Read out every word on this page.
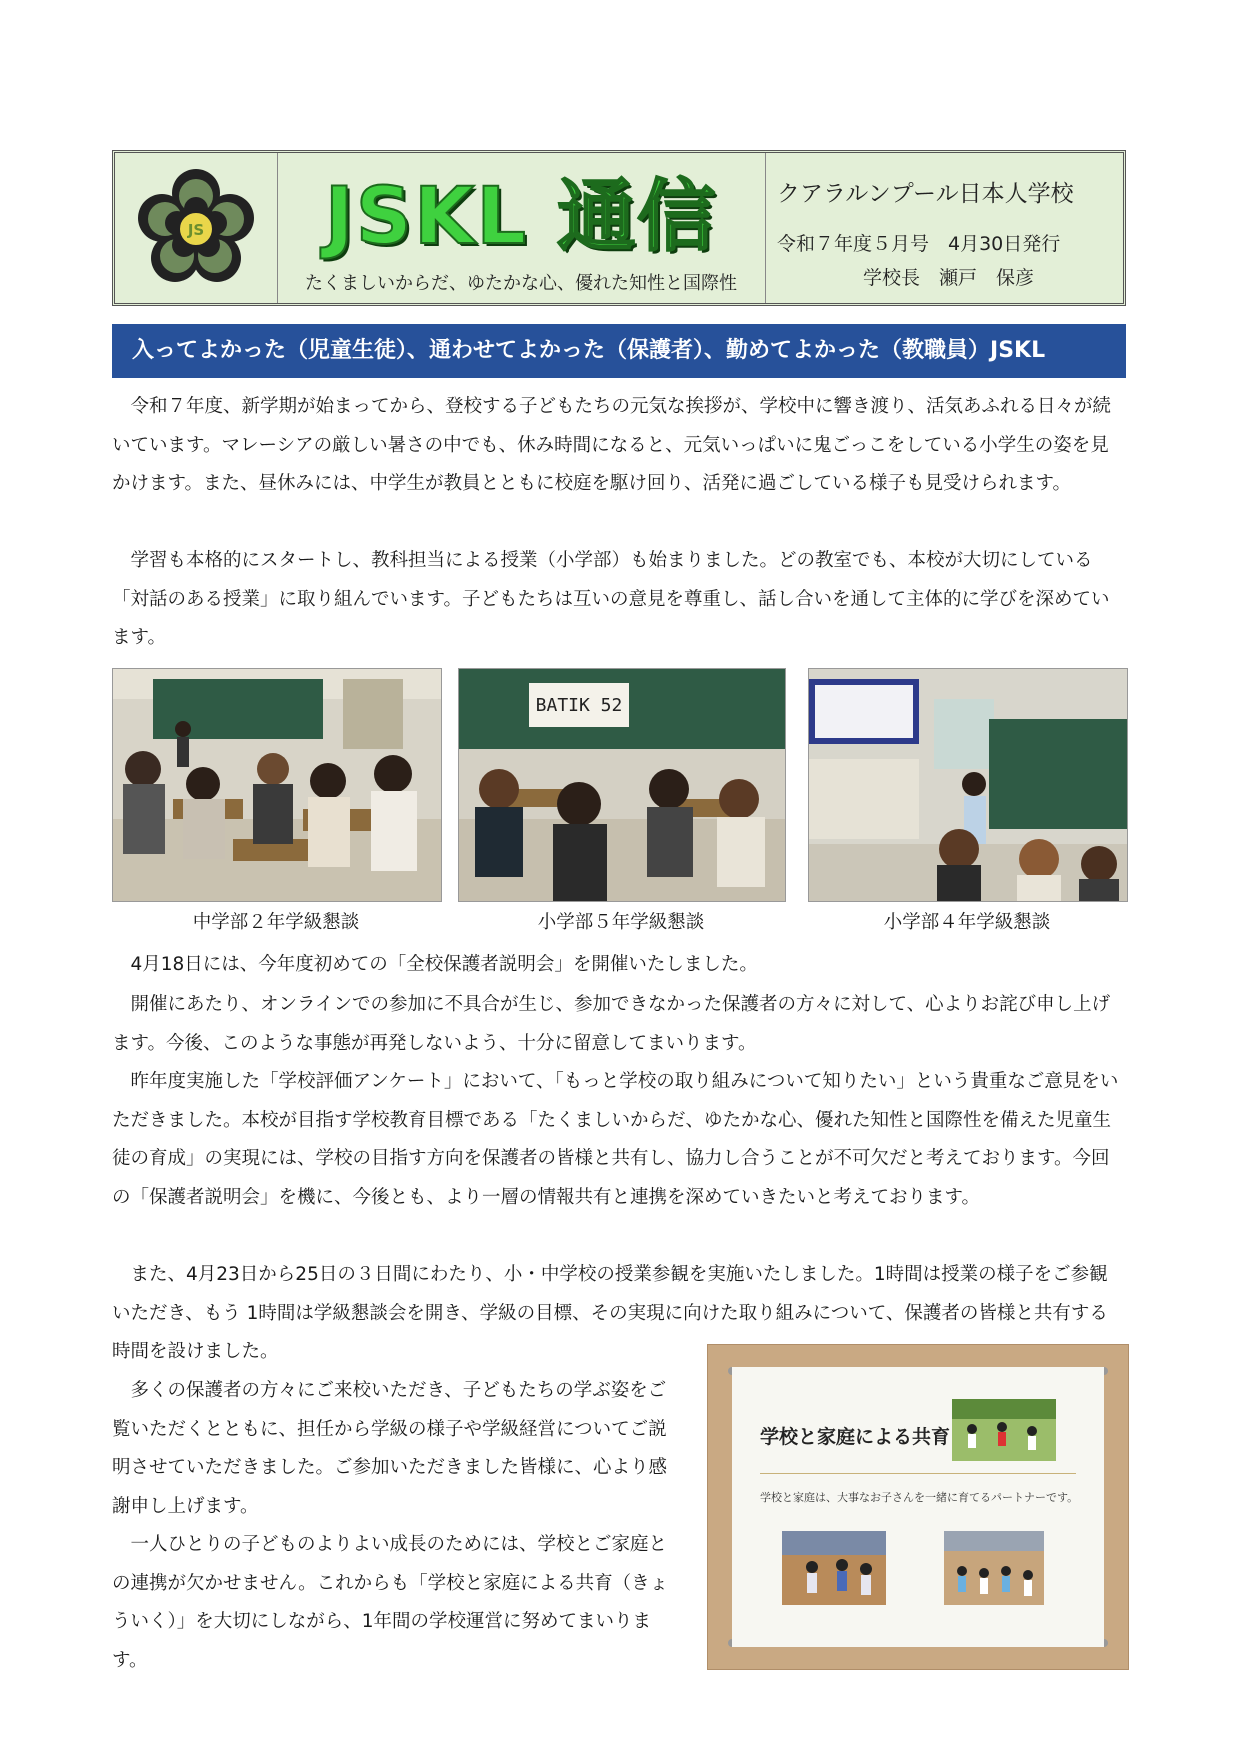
JS	JSKL 通信
たくましいからだ、ゆたかな心、優れた知性と国際性
クアラルンプール日本人学校
令和７年度５月号　4月30日発行
学校長　瀬戸　保彦
入ってよかった（児童生徒）、通わせてよかった（保護者）、勤めてよかった（教職員）JSKL

　令和７年度、新学期が始まってから、登校する子どもたちの元気な挨拶が、学校中に響き渡り、活気あふれる日々が続いています。マレーシアの厳しい暑さの中でも、休み時間になると、元気いっぱいに鬼ごっこをしている小学生の姿を見かけます。また、昼休みには、中学生が教員とともに校庭を駆け回り、活発に過ごしている様子も見受けられます。

　学習も本格的にスタートし、教科担当による授業（小学部）も始まりました。どの教室でも、本校が大切にしている「対話のある授業」に取り組んでいます。子どもたちは互いの意見を尊重し、話し合いを通して主体的に学びを深めています。

中学部２年学級懇談
BATIK 52
小学部５年学級懇談	小学部４年学級懇談

　4月18日には、今年度初めての「全校保護者説明会」を開催いたしました。

　開催にあたり、オンラインでの参加に不具合が生じ、参加できなかった保護者の方々に対して、心よりお詫び申し上げます。今後、このような事態が再発しないよう、十分に留意してまいります。

　昨年度実施した「学校評価アンケート」において、「もっと学校の取り組みについて知りたい」という貴重なご意見をいただきました。本校が目指す学校教育目標である「たくましいからだ、ゆたかな心、優れた知性と国際性を備えた児童生徒の育成」の実現には、学校の目指す方向を保護者の皆様と共有し、協力し合うことが不可欠だと考えております。今回の「保護者説明会」を機に、今後とも、より一層の情報共有と連携を深めていきたいと考えております。

　また、4月23日から25日の３日間にわたり、小・中学校の授業参観を実施いたしました。1時間は授業の様子をご参観いただき、もう 1時間は学級懇談会を開き、学級の目標、その実現に向けた取り組みについて、保護者の皆様と共有する時間を設けました。

　多くの保護者の方々にご来校いただき、子どもたちの学ぶ姿をご覧いただくとともに、担任から学級の様子や学級経営についてご説明させていただきました。ご参加いただきました皆様に、心より感謝申し上げます。

　一人ひとりの子どものよりよい成長のためには、学校とご家庭との連携が欠かせません。これからも「学校と家庭による共育（きょういく）」を大切にしながら、1年間の学校運営に努めてまいります。

学校と家庭による共育
学校と家庭は、大事なお子さんを一緒に育てるパートナーです。
